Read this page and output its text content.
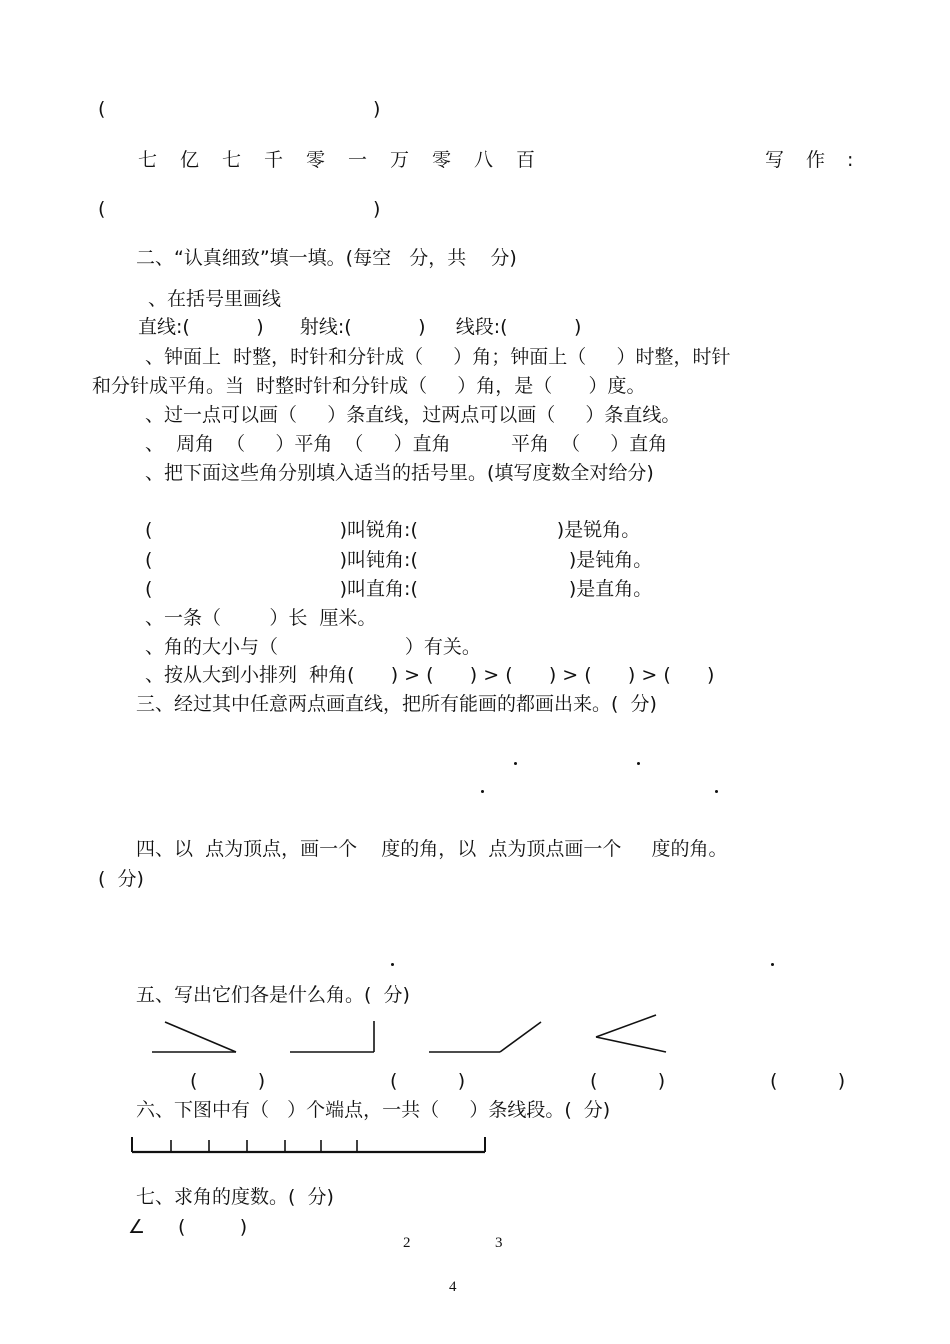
(	)
七 亿 七 千 零 一 万 零 八 百	写 作 :
(	)
二、“认真细致”填一填。(每空   分，共    分)
、在括号里画线
直线:(           )      射线:(           )     线段:(           )
、钟面上  时整，时针和分针成（     ）角；钟面上（     ）时整，时针
和分针成平角。当  时整时针和分针成（     ）角，是（      ）度。
、过一点可以画（     ）条直线，过两点可以画（     ）条直线。
、  周角  （     ）平角  （     ）直角          平角  （     ）直角
、把下面这些角分别填入适当的括号里。(填写度数全对给分)
(                               )叫锐角:(                       )是锐角。
(                               )叫钝角:(                         )是钝角。
(                               )叫直角:(                         )是直角。
、一条（        ）长  厘米。
、角的大小与（                     ）有关。
、按从大到小排列  种角(      ) > (      ) > (      ) > (      ) > (      )
三、经过其中任意两点画直线，把所有能画的都画出来。(  分)
四、以  点为顶点，画一个    度的角，以  点为顶点画一个     度的角。
(  分)
五、写出它们各是什么角。(  分)
(          )	(          )	(          )	(          )
六、下图中有（   ）个端点，一共（     ）条线段。(  分)
七、求角的度数。(  分)
∠ (         )
2	3
4
